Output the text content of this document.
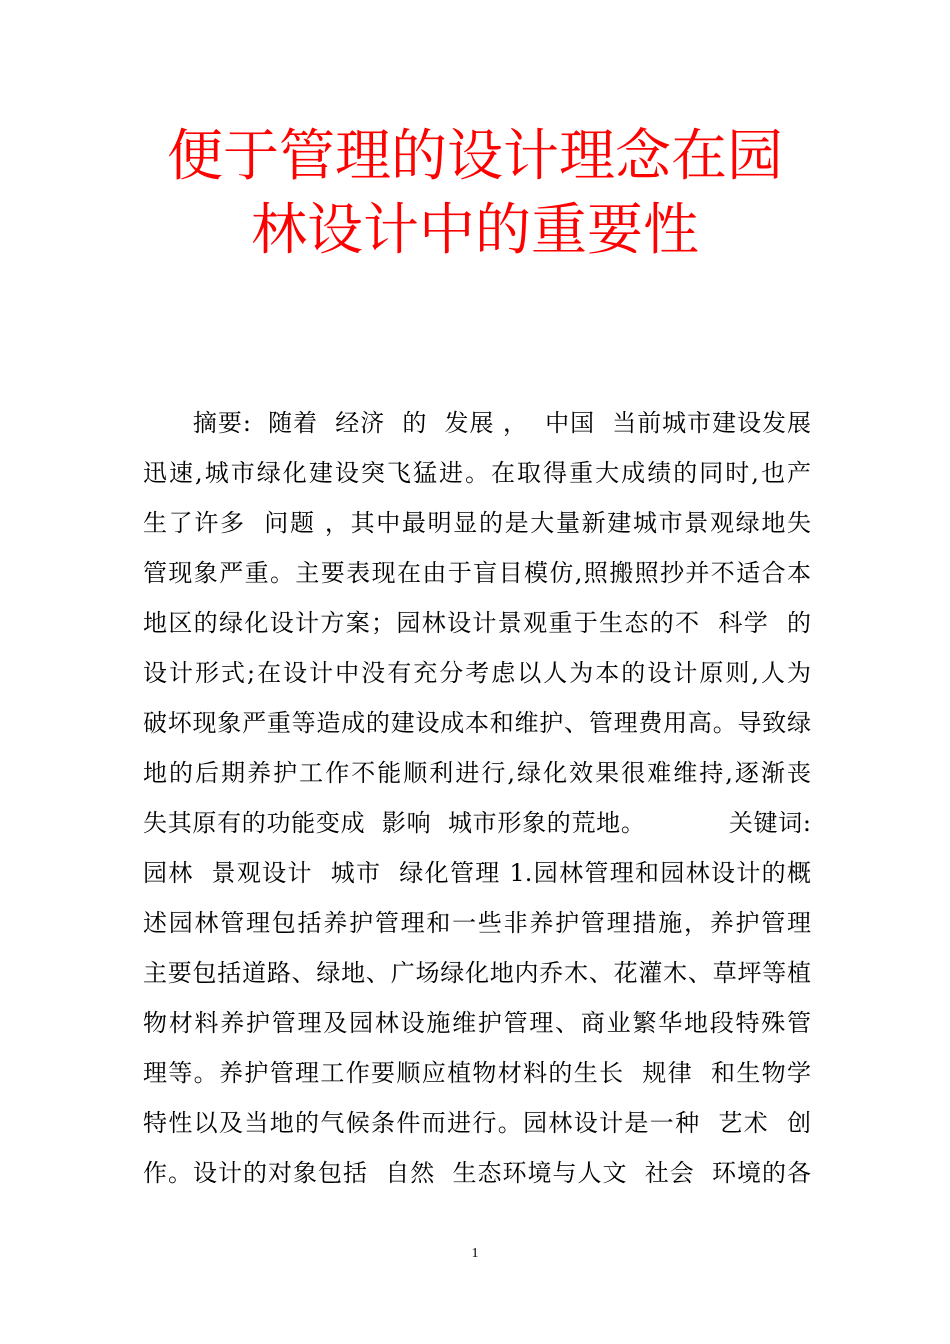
便于管理的设计理念在园
林设计中的重要性
　　摘要:  随着  经济  的  发展 ，  中国  当前城市建设发展
迅速,城市绿化建设突飞猛进。在取得重大成绩的同时,也产
生了许多  问题 ，其中最明显的是大量新建城市景观绿地失
管现象严重。主要表现在由于盲目模仿,照搬照抄并不适合本
地区的绿化设计方案；园林设计景观重于生态的不  科学  的
设计形式;在设计中没有充分考虑以人为本的设计原则,人为
破坏现象严重等造成的建设成本和维护、管理费用高。导致绿
地的后期养护工作不能顺利进行,绿化效果很难维持,逐渐丧
失其原有的功能变成  影响  城市形象的荒地。          关键词:
园林  景观设计  城市  绿化管理 1.园林管理和园林设计的概
述园林管理包括养护管理和一些非养护管理措施，养护管理
主要包括道路、绿地、广场绿化地内乔木、花灌木、草坪等植
物材料养护管理及园林设施维护管理、商业繁华地段特殊管
理等。养护管理工作要顺应植物材料的生长  规律  和生物学
特性以及当地的气候条件而进行。园林设计是一种  艺术  创
作。设计的对象包括  自然  生态环境与人文  社会  环境的各
1
